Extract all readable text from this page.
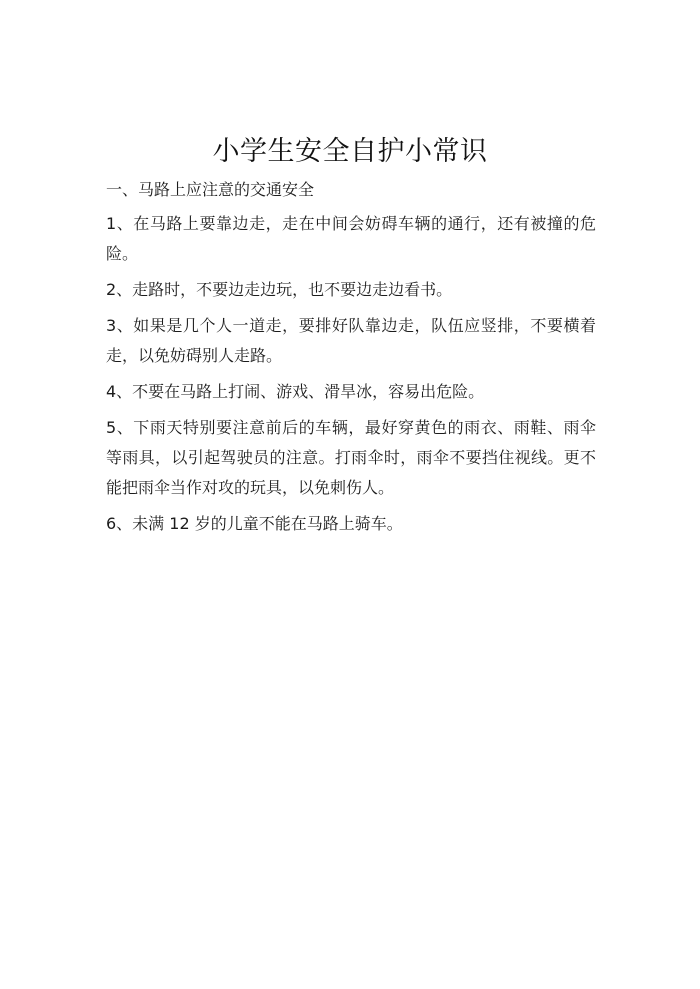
小学生安全自护小常识

一、马路上应注意的交通安全

1、在马路上要靠边走，走在中间会妨碍车辆的通行，还有被撞的危险。

2、走路时，不要边走边玩，也不要边走边看书。

3、如果是几个人一道走，要排好队靠边走，队伍应竖排，不要横着走，以免妨碍别人走路。

4、不要在马路上打闹、游戏、滑旱冰，容易出危险。

5、下雨天特别要注意前后的车辆，最好穿黄色的雨衣、雨鞋、雨伞等雨具，以引起驾驶员的注意。打雨伞时，雨伞不要挡住视线。更不能把雨伞当作对攻的玩具，以免刺伤人。

6、未满 12 岁的儿童不能在马路上骑车。
